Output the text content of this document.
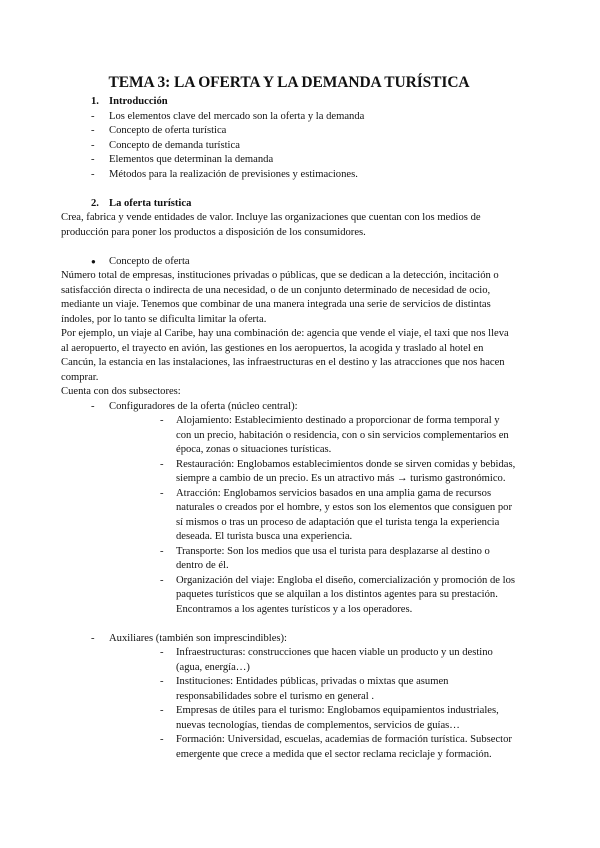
TEMA 3: LA OFERTA Y LA DEMANDA TURÍSTICA
1. Introducción
-	Los elementos clave del mercado son la oferta y la demanda
-	Concepto de oferta turística
-	Concepto de demanda turística
-	Elementos que determinan la demanda
-	Métodos para la realización de previsiones y estimaciones.
2. La oferta turística

Crea, fabrica y vende entidades de valor. Incluye las organizaciones que cuentan con los medios de producción para poner los productos a disposición de los consumidores.

●	Concepto de oferta

Número total de empresas, instituciones privadas o públicas, que se dedican a la detección, incitación o satisfacción directa o indirecta de una necesidad, o de un conjunto determinado de necesidad de ocio, mediante un viaje. Tenemos que combinar de una manera integrada una serie de servicios de distintas índoles, por lo tanto se dificulta limitar la oferta.

Por ejemplo, un viaje al Caribe, hay una combinación de: agencia que vende el viaje, el taxi que nos lleva al aeropuerto, el trayecto en avión, las gestiones en los aeropuertos, la acogida y traslado al hotel en Cancún, la estancia en las instalaciones, las infraestructuras en el destino y las atracciones que nos hacen comprar.

Cuenta con dos subsectores:

-	Configuradores de la oferta (núcleo central):
-	Alojamiento: Establecimiento destinado a proporcionar de forma temporal y con un precio, habitación o residencia, con o sin servicios complementarios en época, zonas o situaciones turísticas.
-	Restauración: Englobamos establecimientos donde se sirven comidas y bebidas, siempre a cambio de un precio. Es un atractivo más → turismo gastronómico.
-	Atracción: Englobamos servicios basados en una amplia gama de recursos naturales o creados por el hombre, y estos son los elementos que consiguen por sí mismos o tras un proceso de adaptación que el turista tenga la experiencia deseada. El turista busca una experiencia.
-	Transporte: Son los medios que usa el turista para desplazarse al destino o dentro de él.
-	Organización del viaje: Engloba el diseño, comercialización y promoción de los paquetes turísticos que se alquilan a los distintos agentes para su prestación. Encontramos a los agentes turísticos y a los operadores.
-	Auxiliares (también son imprescindibles):
-	Infraestructuras: construcciones que hacen viable un producto y un destino (agua, energía…)
-	Instituciones: Entidades públicas, privadas o mixtas que asumen responsabilidades sobre el turismo en general .
-	Empresas de útiles para el turismo: Englobamos equipamientos industriales, nuevas tecnologías, tiendas de complementos, servicios de guías…
-	Formación: Universidad, escuelas, academias de formación turística. Subsector emergente que crece a medida que el sector reclama reciclaje y formación.
